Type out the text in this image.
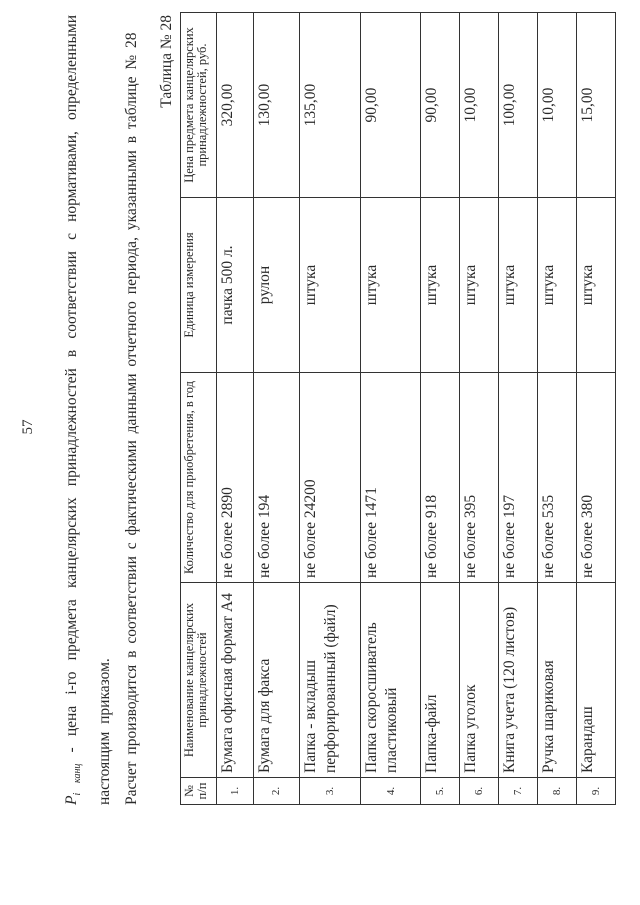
57
$P_{i канц}$ - цена i-го предмета канцелярских принадлежностей в соответствии с нормативами, определенными настоящим приказом. Расчет производится в соответствии с фактическими данными отчетного периода, указанными в таблице № 28 Таблица № 28
№ п/п	Наименование канцелярских принадлежностей	Количество для приобретения, в год	Единица измерения	Цена предмета канцелярских принадлежностей, руб.
1.	Бумага офисная формат А4	не более 2890	пачка 500 л.	320,00
2.	Бумага для факса	не более 194	рулон	130,00
3.	Папка - вкладыш перфорированный (файл)	не более 24200	штука	135,00
4.	Папка скоросшиватель пластиковый	не более 1471	штука	90,00
5.	Папка-файл	не более 918	штука	90,00
6.	Папка уголок	не более 395	штука	10,00
7.	Книга учета (120 листов)	не более 197	штука	100,00
8.	Ручка шариковая	не более 535	штука	10,00
9.	Карандаш	не более 380	штука	15,00
